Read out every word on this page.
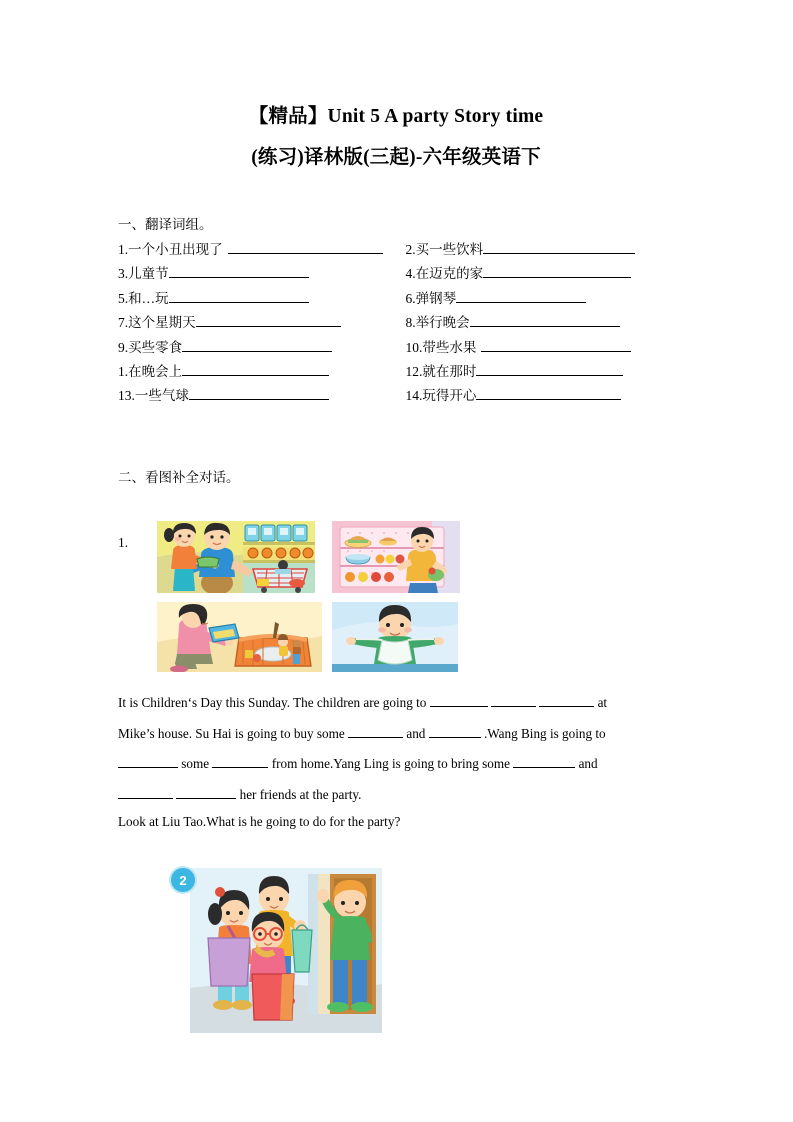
【精品】Unit 5 A party Story time
(练习)译林版(三起)-六年级英语下
一、翻译词组。
1.一个小丑出现了	2.买一些饮料
3.儿童节	4.在迈克的家
5.和…玩	6.弹钢琴
7.这个星期天	8.举行晚会
9.买些零食	10.带些水果
1.在晚会上	12.就在那时
13.一些气球	14.玩得开心
二、看图补全对话。
1.
It is Children‘s Day this Sunday. The children are going to	at
Mike’s house. Su Hai is going to buy some	and	.Wang Bing is going to
some	from home.Yang Ling is going to bring some	and
her friends at the party.
Look at Liu Tao.What is he going to do for the party?
2
